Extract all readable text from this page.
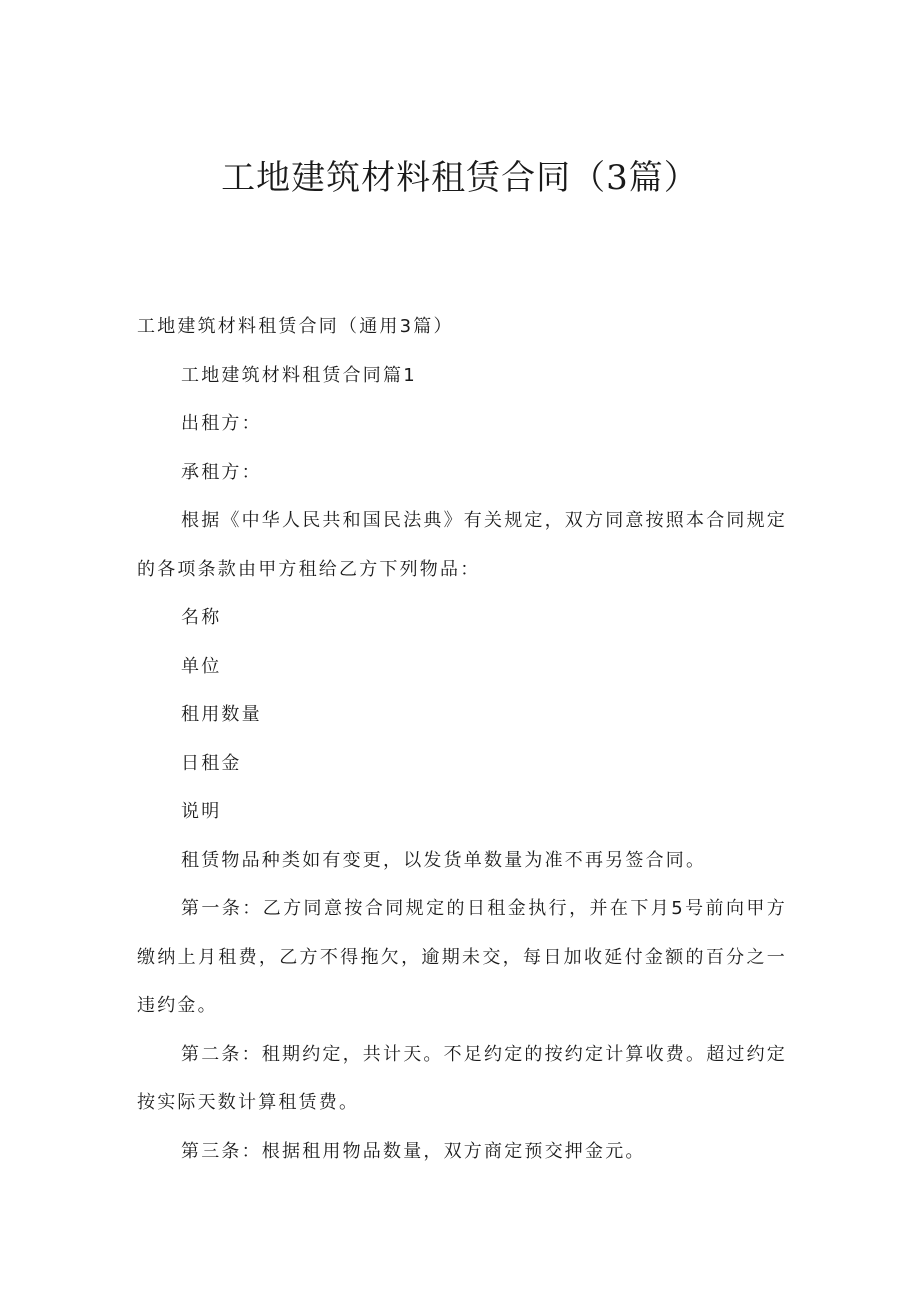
工地建筑材料租赁合同（3篇）

工地建筑材料租赁合同（通用3篇）

工地建筑材料租赁合同篇1

出租方：

承租方：

根据《中华人民共和国民法典》有关规定，双方同意按照本合同规定的各项条款由甲方租给乙方下列物品：

名称

单位

租用数量

日租金

说明

租赁物品种类如有变更，以发货单数量为准不再另签合同。

第一条：乙方同意按合同规定的日租金执行，并在下月5号前向甲方缴纳上月租费，乙方不得拖欠，逾期未交，每日加收延付金额的百分之一违约金。

第二条：租期约定，共计天。不足约定的按约定计算收费。超过约定按实际天数计算租赁费。

第三条：根据租用物品数量，双方商定预交押金元。
